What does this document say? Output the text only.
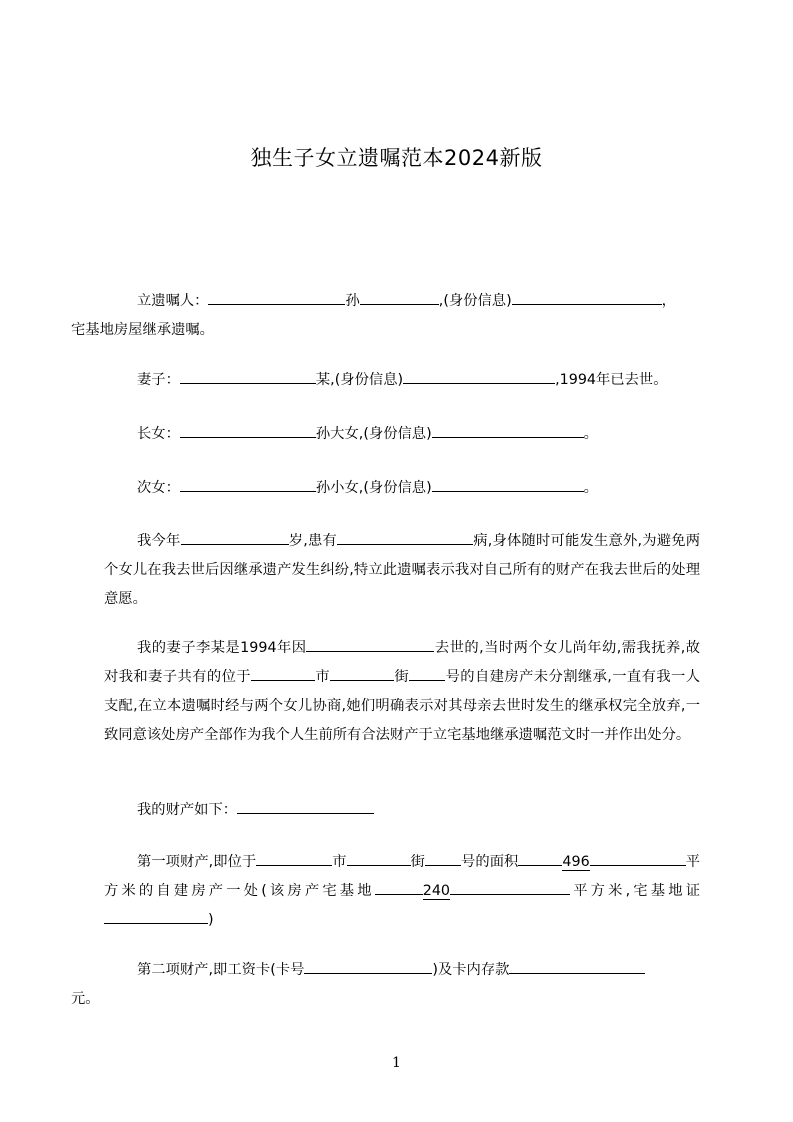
独生子女立遗嘱范本2024新版
立遗嘱人：	孙	,(身份信息)	，
宅基地房屋继承遗嘱。
妻子：	某,(身份信息)	,1994年已去世。
长女：	孙大女,(身份信息)	。
次女：	孙小女,(身份信息)	。
我今年	岁,患有	病,身体随时可能发生意外,为避免两个女儿在我去世后因继承遗产发生纠纷,特立此遗嘱表示我对自己所有的财产在我去世后的处理意愿。
我的妻子李某是1994年因	去世的,当时两个女儿尚年幼,需我抚养,故对我和妻子共有的位于	市	街	号的自建房产未分割继承,一直有我一人支配,在立本遗嘱时经与两个女儿协商,她们明确表示对其母亲去世时发生的继承权完全放弃,一致同意该处房产全部作为我个人生前所有合法财产于立宅基地继承遗嘱范文时一并作出处分。
我的财产如下：
第一项财产,即位于	市	街	号的面积	496	平方米的自建房产一处(该房产宅基地	240	平方米,宅基地证)
第二项财产,即工资卡(卡号	)及卡内存款
元。
1
